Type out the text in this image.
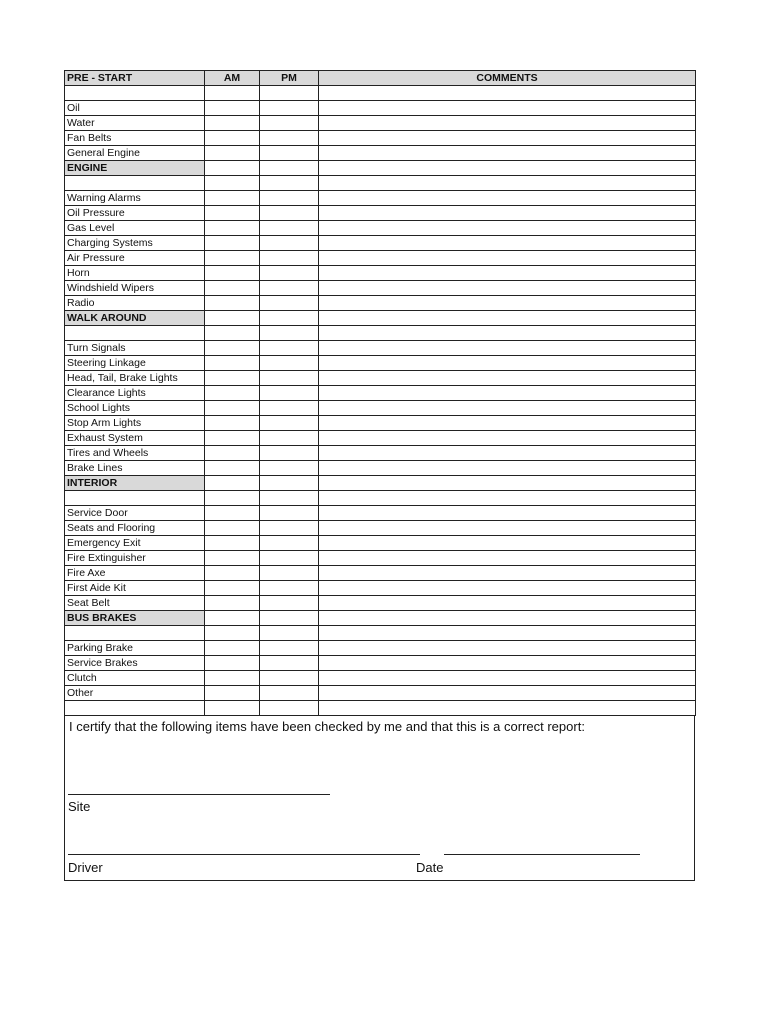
PRE - START	AM	PM	COMMENTS

Oil			
Water			
Fan Belts			
General Engine			
ENGINE			

Warning Alarms			
Oil Pressure			
Gas Level			
Charging Systems			
Air Pressure			
Horn			
Windshield Wipers			
Radio			
WALK AROUND			

Turn Signals			
Steering Linkage			
Head, Tail, Brake Lights			
Clearance Lights			
School Lights			
Stop Arm Lights			
Exhaust System			
Tires and Wheels			
Brake Lines			
INTERIOR			

Service Door			
Seats and Flooring			
Emergency Exit			
Fire Extinguisher			
Fire Axe			
First Aide Kit			
Seat Belt			
BUS BRAKES			

Parking Brake			
Service Brakes			
Clutch			
Other			

I certify that the following items have been checked by me and that this is a correct report:
Site
Driver	Date
